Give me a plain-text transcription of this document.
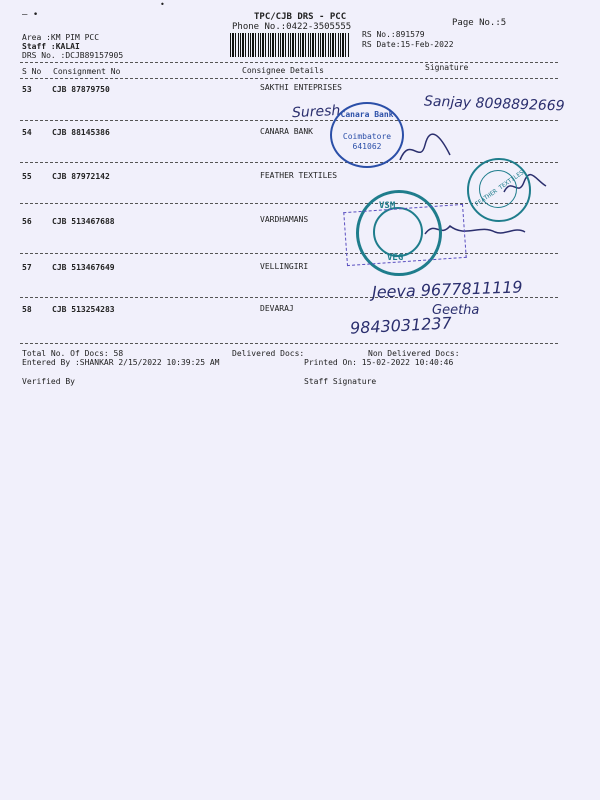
— •
•
TPC/CJB DRS - PCC
Phone No.:0422-3505555	Page No.:5
Area :KM PIM PCC
Staff :KALAI
DRS No. :DCJB89157905
RS No.:891579
RS Date:15-Feb-2022
S No Consignment No	Consignee Details	Signature
53	CJB 87879750	SAKTHI ENTEPRISES
54	CJB 88145386	CANARA BANK
55	CJB 87972142	FEATHER TEXTILES
56	CJB 513467688	VARDHAMANS
57	CJB 513467649	VELLINGIRI
58	CJB 513254283	DEVARAJ
Total No. Of Docs: 58	Delivered Docs:	Non Delivered Docs:
Entered By :SHANKAR 2/15/2022 10:39:25 AM	Printed On: 15-02-2022 10:40:46
Verified By	Staff Signature
Suresh	Sanjay 8098892669
Jeeva 9677811119
Geetha
9843031237
Canara Bank
Coimbatore
641062
FEATHER TEXTILES
VSM
VEG
